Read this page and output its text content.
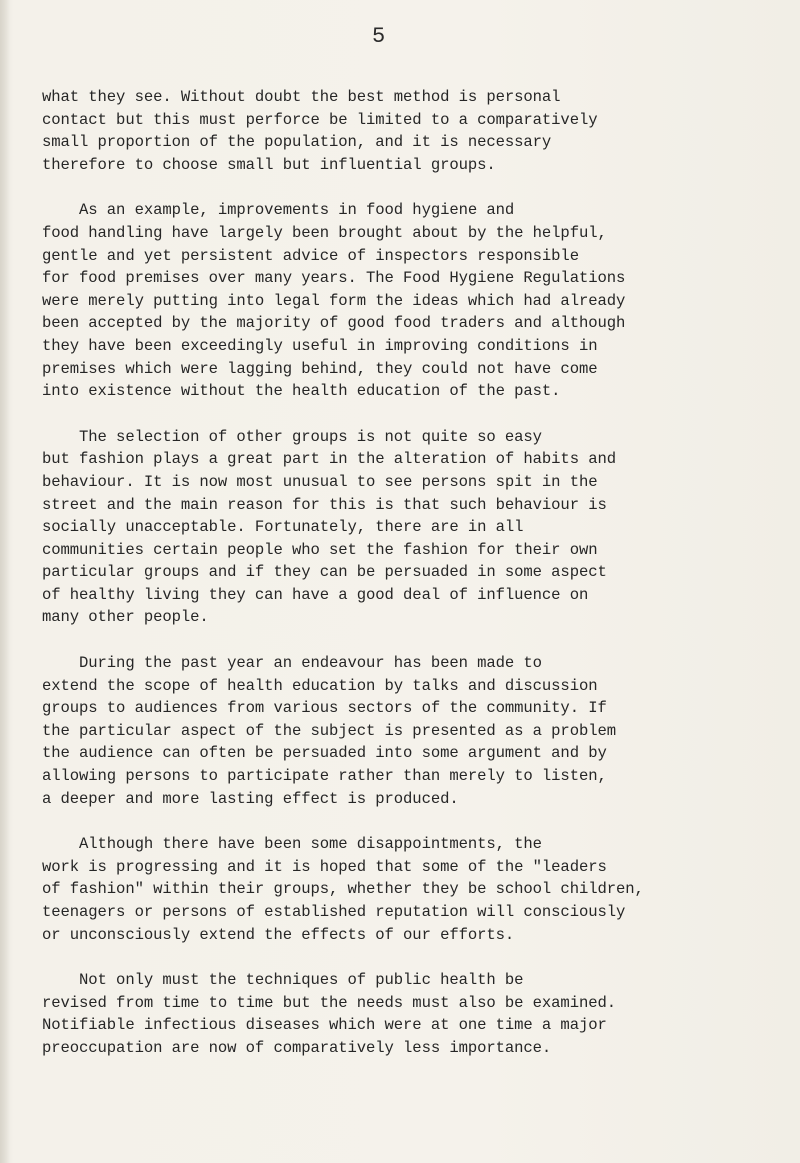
5
what they see. Without doubt the best method is personal
contact but this must perforce be limited to a comparatively
small proportion of the population, and it is necessary
therefore to choose small but influential groups.
As an example, improvements in food hygiene and
food handling have largely been brought about by the helpful,
gentle and yet persistent advice of inspectors responsible
for food premises over many years. The Food Hygiene Regulations
were merely putting into legal form the ideas which had already
been accepted by the majority of good food traders and although
they have been exceedingly useful in improving conditions in
premises which were lagging behind, they could not have come
into existence without the health education of the past.
The selection of other groups is not quite so easy
but fashion plays a great part in the alteration of habits and
behaviour. It is now most unusual to see persons spit in the
street and the main reason for this is that such behaviour is
socially unacceptable. Fortunately, there are in all
communities certain people who set the fashion for their own
particular groups and if they can be persuaded in some aspect
of healthy living they can have a good deal of influence on
many other people.
During the past year an endeavour has been made to
extend the scope of health education by talks and discussion
groups to audiences from various sectors of the community. If
the particular aspect of the subject is presented as a problem
the audience can often be persuaded into some argument and by
allowing persons to participate rather than merely to listen,
a deeper and more lasting effect is produced.
Although there have been some disappointments, the
work is progressing and it is hoped that some of the "leaders
of fashion" within their groups, whether they be school children,
teenagers or persons of established reputation will consciously
or unconsciously extend the effects of our efforts.
Not only must the techniques of public health be
revised from time to time but the needs must also be examined.
Notifiable infectious diseases which were at one time a major
preoccupation are now of comparatively less importance.
